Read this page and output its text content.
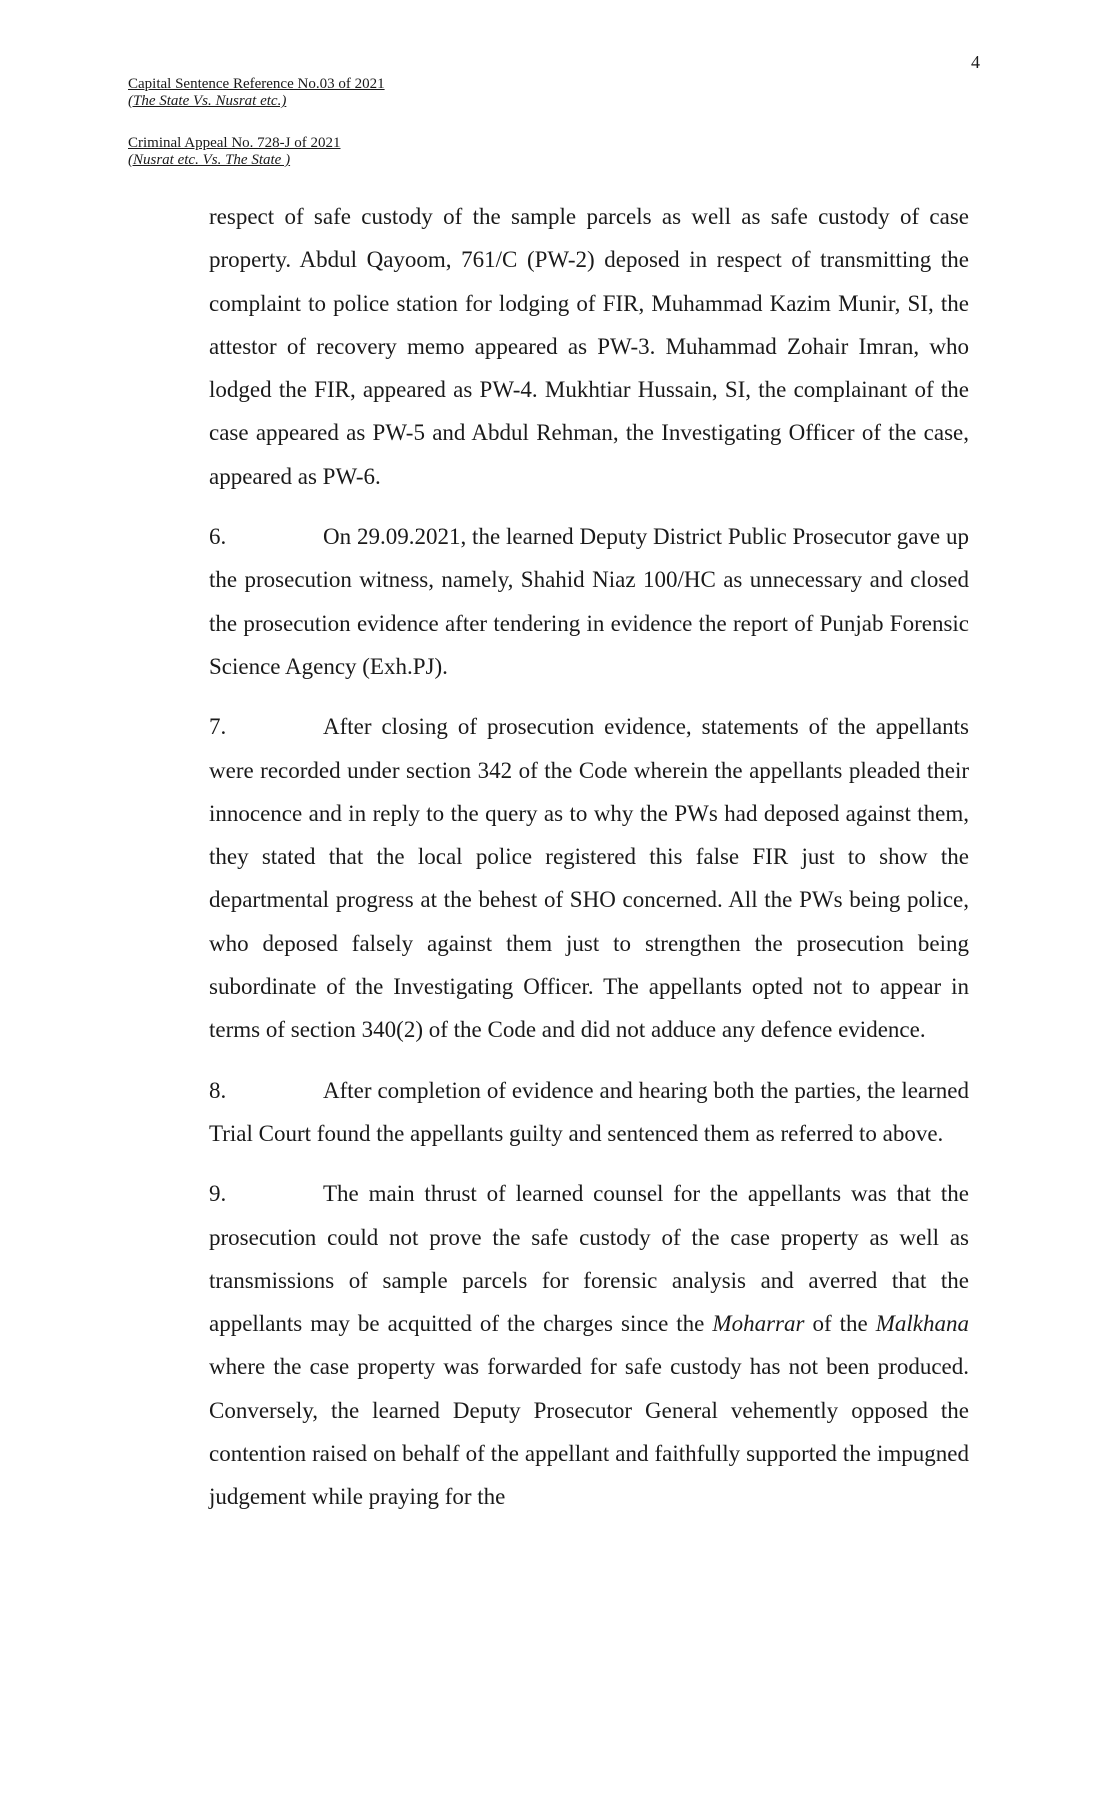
4
Capital Sentence Reference No.03 of 2021
(The State Vs. Nusrat etc.)
Criminal Appeal No. 728-J of 2021
(Nusrat etc. Vs. The State )

respect of safe custody of the sample parcels as well as safe custody of case property. Abdul Qayoom, 761/C (PW-2) deposed in respect of transmitting the complaint to police station for lodging of FIR, Muhammad Kazim Munir, SI, the attestor of recovery memo appeared as PW-3. Muhammad Zohair Imran, who lodged the FIR, appeared as PW-4. Mukhtiar Hussain, SI, the complainant of the case appeared as PW-5 and Abdul Rehman, the Investigating Officer of the case, appeared as PW-6.

6.	On 29.09.2021, the learned Deputy District Public Prosecutor gave up the prosecution witness, namely, Shahid Niaz 100/HC as unnecessary and closed the prosecution evidence after tendering in evidence the report of Punjab Forensic Science Agency (Exh.PJ).

7.	After closing of prosecution evidence, statements of the appellants were recorded under section 342 of the Code wherein the appellants pleaded their innocence and in reply to the query as to why the PWs had deposed against them, they stated that the local police registered this false FIR just to show the departmental progress at the behest of SHO concerned. All the PWs being police, who deposed falsely against them just to strengthen the prosecution being subordinate of the Investigating Officer. The appellants opted not to appear in terms of section 340(2) of the Code and did not adduce any defence evidence.

8.	After completion of evidence and hearing both the parties, the learned Trial Court found the appellants guilty and sentenced them as referred to above.

9.	The main thrust of learned counsel for the appellants was that the prosecution could not prove the safe custody of the case property as well as transmissions of sample parcels for forensic analysis and averred that the appellants may be acquitted of the charges since the Moharrar of the Malkhana where the case property was forwarded for safe custody has not been produced. Conversely, the learned Deputy Prosecutor General vehemently opposed the contention raised on behalf of the appellant and faithfully supported the impugned judgement while praying for the
